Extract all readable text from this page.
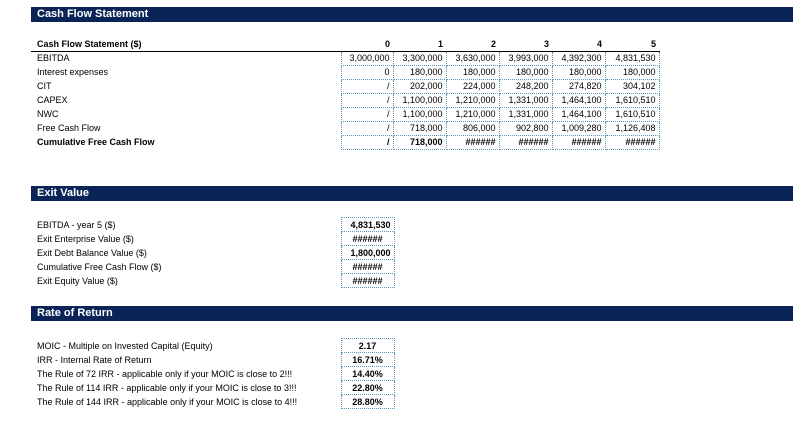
Cash Flow Statement
Cash Flow Statement ($)	0	1	2	3	4	5
EBITDA	3,000,000	3,300,000	3,630,000	3,993,000	4,392,300	4,831,530
Interest expenses	0	180,000	180,000	180,000	180,000	180,000
CIT	/	202,000	224,000	248,200	274,820	304,102
CAPEX	/	1,100,000	1,210,000	1,331,000	1,464,100	1,610,510
NWC	/	1,100,000	1,210,000	1,331,000	1,464,100	1,610,510
Free Cash Flow	/	718,000	806,000	902,800	1,009,280	1,126,408
Cumulative Free Cash Flow	/	718,000	######	######	######	######
Exit Value
EBITDA - year 5 ($)	4,831,530
Exit Enterprise Value ($)	######
Exit Debt Balance Value ($)	1,800,000
Cumulative Free Cash Flow ($)	######
Exit Equity Value ($)	######
Rate of Return
MOIC - Multiple on Invested Capital (Equity)	2.17
IRR - Internal Rate of Return	16.71%
The Rule of 72 IRR - applicable only if your MOIC is close to 2!!!	14.40%
The Rule of 114 IRR - applicable only if your MOIC is close to 3!!!	22.80%
The Rule of 144 IRR - applicable only if your MOIC is close to 4!!!	28.80%
